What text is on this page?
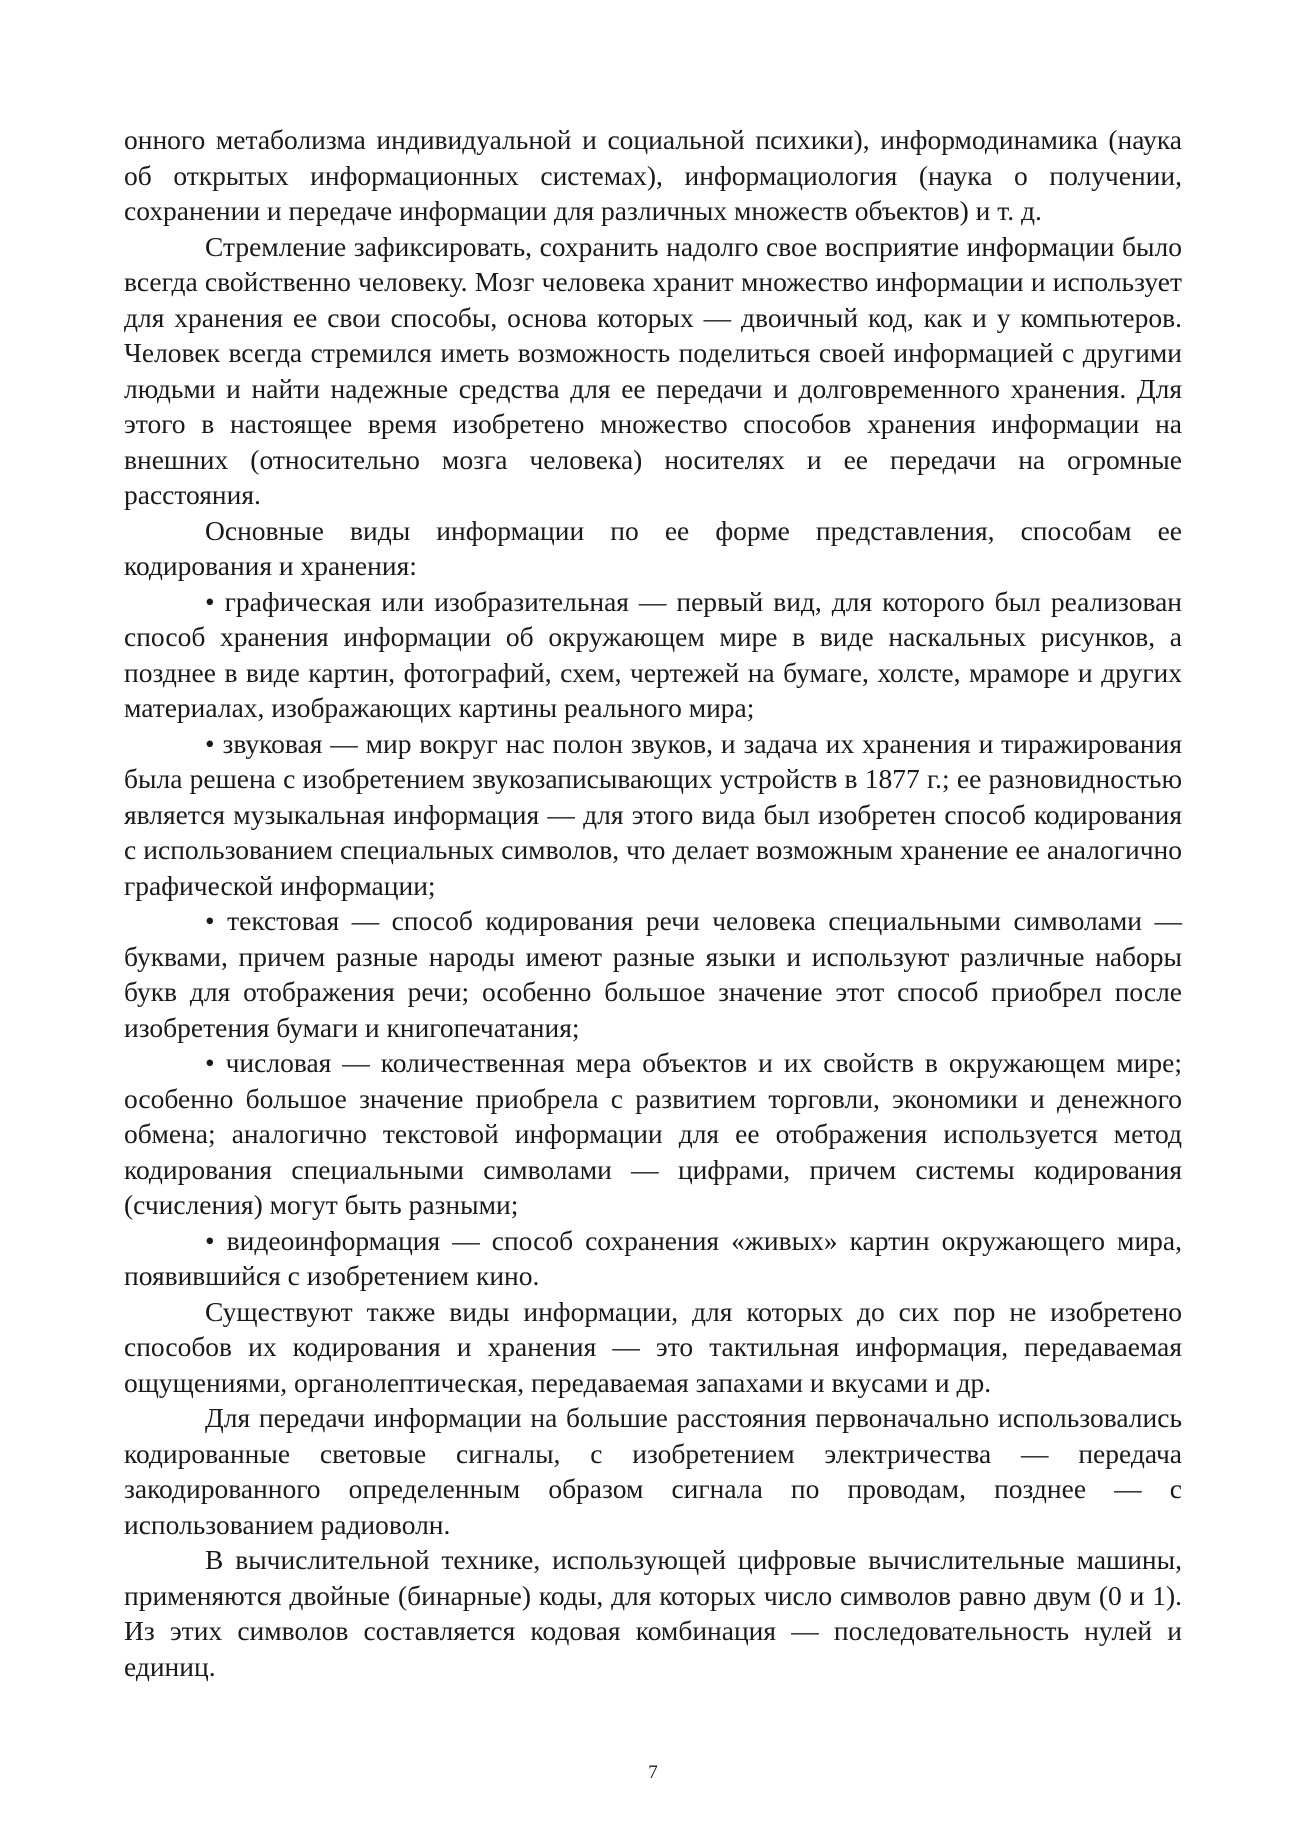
онного метаболизма индивидуальной и социальной психики), информодинамика (наука об открытых информационных системах), информациология (наука о получении, сохранении и передаче информации для различных множеств объектов) и т. д.

Стремление зафиксировать, сохранить надолго свое восприятие информации было всегда свойственно человеку. Мозг человека хранит множество информации и использует для хранения ее свои способы, основа которых — двоичный код, как и у компьютеров. Человек всегда стремился иметь возможность поделиться своей информацией с другими людьми и найти надежные средства для ее передачи и долговременного хранения. Для этого в настоящее время изобретено множество способов хранения информации на внешних (относительно мозга человека) носителях и ее передачи на огромные расстояния.

Основные виды информации по ее форме представления, способам ее кодирования и хранения:

• графическая или изобразительная — первый вид, для которого был реализован способ хранения информации об окружающем мире в виде наскальных рисунков, а позднее в виде картин, фотографий, схем, чертежей на бумаге, холсте, мраморе и других материалах, изображающих картины реального мира;

• звуковая — мир вокруг нас полон звуков, и задача их хранения и тиражирования была решена с изобретением звукозаписывающих устройств в 1877 г.; ее разновидностью является музыкальная информация — для этого вида был изобретен способ кодирования с использованием специальных символов, что делает возможным хранение ее аналогично графической информации;

• текстовая — способ кодирования речи человека специальными символами — буквами, причем разные народы имеют разные языки и используют различные наборы букв для отображения речи; особенно большое значение этот способ приобрел после изобретения бумаги и книгопечатания;

• числовая — количественная мера объектов и их свойств в окружающем мире; особенно большое значение приобрела с развитием торговли, экономики и денежного обмена; аналогично текстовой информации для ее отображения используется метод кодирования специальными символами — цифрами, причем системы кодирования (счисления) могут быть разными;

• видеоинформация — способ сохранения «живых» картин окружающего мира, появившийся с изобретением кино.

Существуют также виды информации, для которых до сих пор не изобретено способов их кодирования и хранения — это тактильная информация, передаваемая ощущениями, органолептическая, передаваемая запахами и вкусами и др.

Для передачи информации на большие расстояния первоначально использовались кодированные световые сигналы, с изобретением электричества — передача закодированного определенным образом сигнала по проводам, позднее — с использованием радиоволн.

В вычислительной технике, использующей цифровые вычислительные машины, применяются двойные (бинарные) коды, для которых число символов равно двум (0 и 1). Из этих символов составляется кодовая комбинация — последовательность нулей и единиц.

7
